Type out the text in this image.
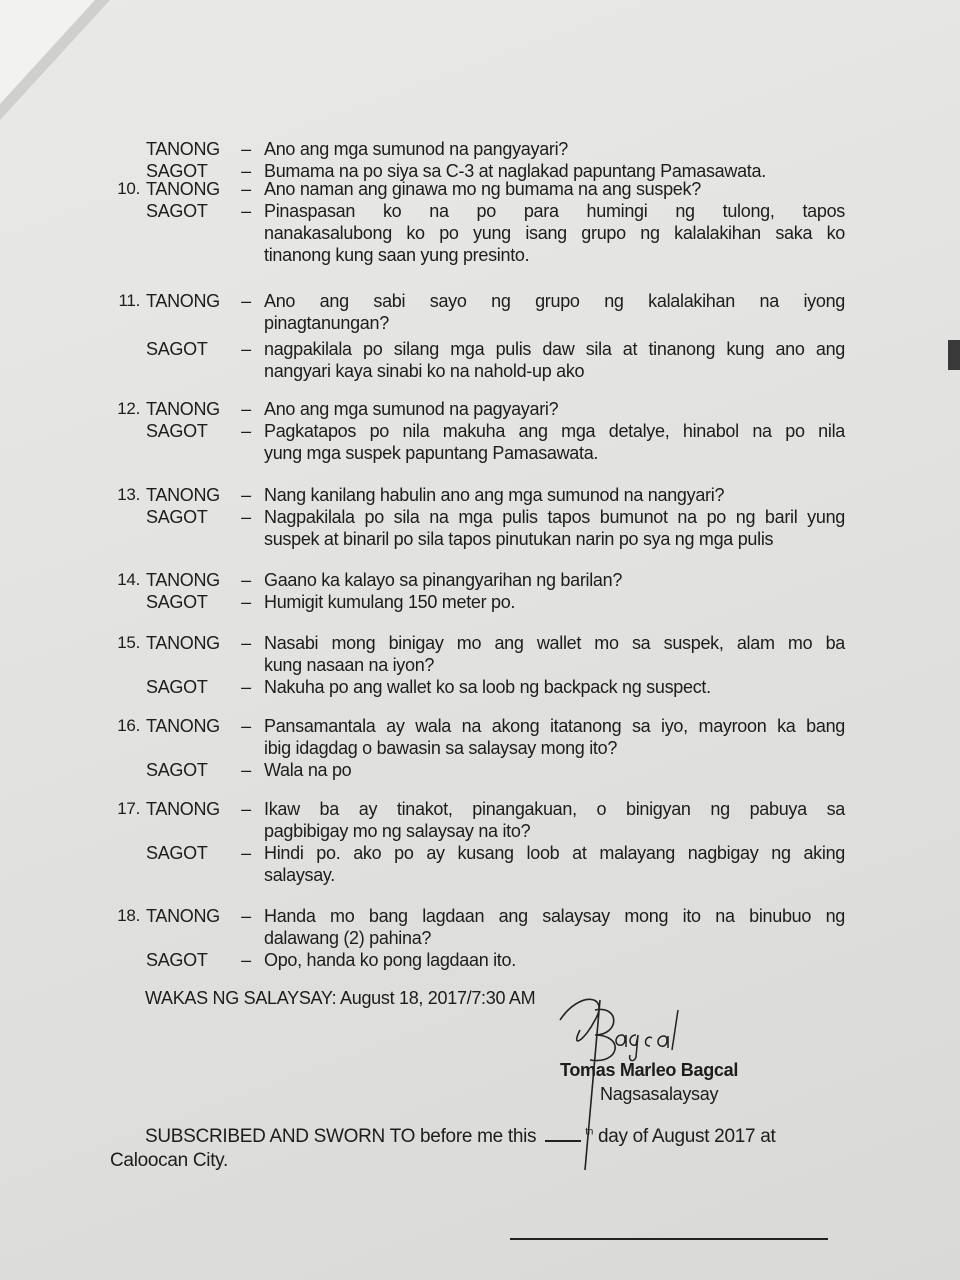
TANONG	– Ano ang mga sumunod na pangyayari?
SAGOT	– Bumama na po siya sa C-3 at naglakad papuntang Pamasawata.
10. TANONG	– Ano naman ang ginawa mo ng bumama na ang suspek?
SAGOT	– Pinaspasan ko na po para humingi ng tulong, tapos
nanakasalubong ko po yung isang grupo ng kalalakihan saka ko
tinanong kung saan yung presinto.
11. TANONG	– Ano ang sabi sayo ng grupo ng kalalakihan na iyong
pinagtanungan?
SAGOT	– nagpakilala po silang mga pulis daw sila at tinanong kung ano ang
nangyari kaya sinabi ko na nahold-up ako
12. TANONG	– Ano ang mga sumunod na pagyayari?
SAGOT	– Pagkatapos po nila makuha ang mga detalye, hinabol na po nila
yung mga suspek papuntang Pamasawata.
13. TANONG	– Nang kanilang habulin ano ang mga sumunod na nangyari?
SAGOT	– Nagpakilala po sila na mga pulis tapos bumunot na po ng baril yung
suspek at binaril po sila tapos pinutukan narin po sya ng mga pulis
14. TANONG	– Gaano ka kalayo sa pinangyarihan ng barilan?
SAGOT	– Humigit kumulang 150 meter po.
15. TANONG	– Nasabi mong binigay mo ang wallet mo sa suspek, alam mo ba
kung nasaan na iyon?
SAGOT	– Nakuha po ang wallet ko sa loob ng backpack ng suspect.
16. TANONG	– Pansamantala ay wala na akong itatanong sa iyo, mayroon ka bang
ibig idagdag o bawasin sa salaysay mong ito?
SAGOT	– Wala na po
17. TANONG	– Ikaw ba ay tinakot, pinangakuan, o binigyan ng pabuya sa
pagbibigay mo ng salaysay na ito?
SAGOT	– Hindi po. ako po ay kusang loob at malayang nagbigay ng aking
salaysay.
18. TANONG	– Handa mo bang lagdaan ang salaysay mong ito na binubuo ng
dalawang (2) pahina?
SAGOT	– Opo, handa ko pong lagdaan ito.
WAKAS NG SALAYSAY: August 18, 2017/7:30 AM
Tomas Marleo Bagcal
Nagsasalaysay
SUBSCRIBED AND SWORN TO before me this	$^{th}$ day of August 2017 at
Caloocan City.
